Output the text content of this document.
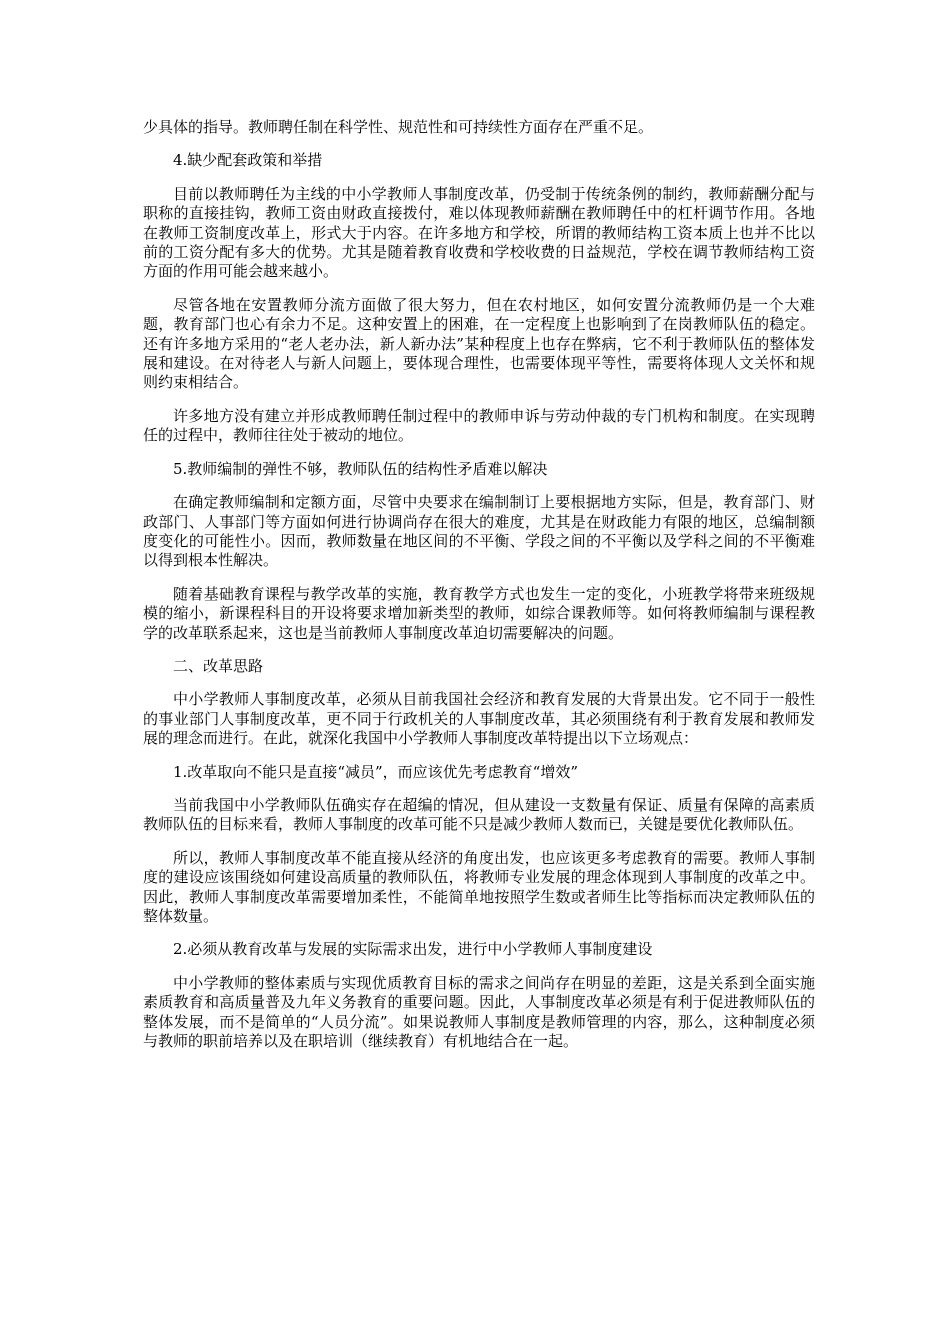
少具体的指导。教师聘任制在科学性、规范性和可持续性方面存在严重不足。

4.缺少配套政策和举措

目前以教师聘任为主线的中小学教师人事制度改革，仍受制于传统条例的制约，教师薪酬分配与职称的直接挂钩，教师工资由财政直接拨付，难以体现教师薪酬在教师聘任中的杠杆调节作用。各地在教师工资制度改革上，形式大于内容。在许多地方和学校，所谓的教师结构工资本质上也并不比以前的工资分配有多大的优势。尤其是随着教育收费和学校收费的日益规范，学校在调节教师结构工资方面的作用可能会越来越小。

尽管各地在安置教师分流方面做了很大努力，但在农村地区，如何安置分流教师仍是一个大难题，教育部门也心有余力不足。这种安置上的困难，在一定程度上也影响到了在岗教师队伍的稳定。还有许多地方采用的“老人老办法，新人新办法”某种程度上也存在弊病，它不利于教师队伍的整体发展和建设。在对待老人与新人问题上，要体现合理性，也需要体现平等性，需要将体现人文关怀和规则约束相结合。

许多地方没有建立并形成教师聘任制过程中的教师申诉与劳动仲裁的专门机构和制度。在实现聘任的过程中，教师往往处于被动的地位。

5.教师编制的弹性不够，教师队伍的结构性矛盾难以解决

在确定教师编制和定额方面，尽管中央要求在编制制订上要根据地方实际，但是，教育部门、财政部门、人事部门等方面如何进行协调尚存在很大的难度，尤其是在财政能力有限的地区，总编制额度变化的可能性小。因而，教师数量在地区间的不平衡、学段之间的不平衡以及学科之间的不平衡难以得到根本性解决。

随着基础教育课程与教学改革的实施，教育教学方式也发生一定的变化，小班教学将带来班级规模的缩小，新课程科目的开设将要求增加新类型的教师，如综合课教师等。如何将教师编制与课程教学的改革联系起来，这也是当前教师人事制度改革迫切需要解决的问题。

二、改革思路

中小学教师人事制度改革，必须从目前我国社会经济和教育发展的大背景出发。它不同于一般性的事业部门人事制度改革，更不同于行政机关的人事制度改革，其必须围绕有利于教育发展和教师发展的理念而进行。在此，就深化我国中小学教师人事制度改革特提出以下立场观点：

1.改革取向不能只是直接“减员”，而应该优先考虑教育“增效”

当前我国中小学教师队伍确实存在超编的情况，但从建设一支数量有保证、质量有保障的高素质教师队伍的目标来看，教师人事制度的改革可能不只是减少教师人数而已，关键是要优化教师队伍。

所以，教师人事制度改革不能直接从经济的角度出发，也应该更多考虑教育的需要。教师人事制度的建设应该围绕如何建设高质量的教师队伍，将教师专业发展的理念体现到人事制度的改革之中。因此，教师人事制度改革需要增加柔性，不能简单地按照学生数或者师生比等指标而决定教师队伍的整体数量。

2.必须从教育改革与发展的实际需求出发，进行中小学教师人事制度建设

中小学教师的整体素质与实现优质教育目标的需求之间尚存在明显的差距，这是关系到全面实施素质教育和高质量普及九年义务教育的重要问题。因此，人事制度改革必须是有利于促进教师队伍的整体发展，而不是简单的“人员分流”。如果说教师人事制度是教师管理的内容，那么，这种制度必须与教师的职前培养以及在职培训（继续教育）有机地结合在一起。
